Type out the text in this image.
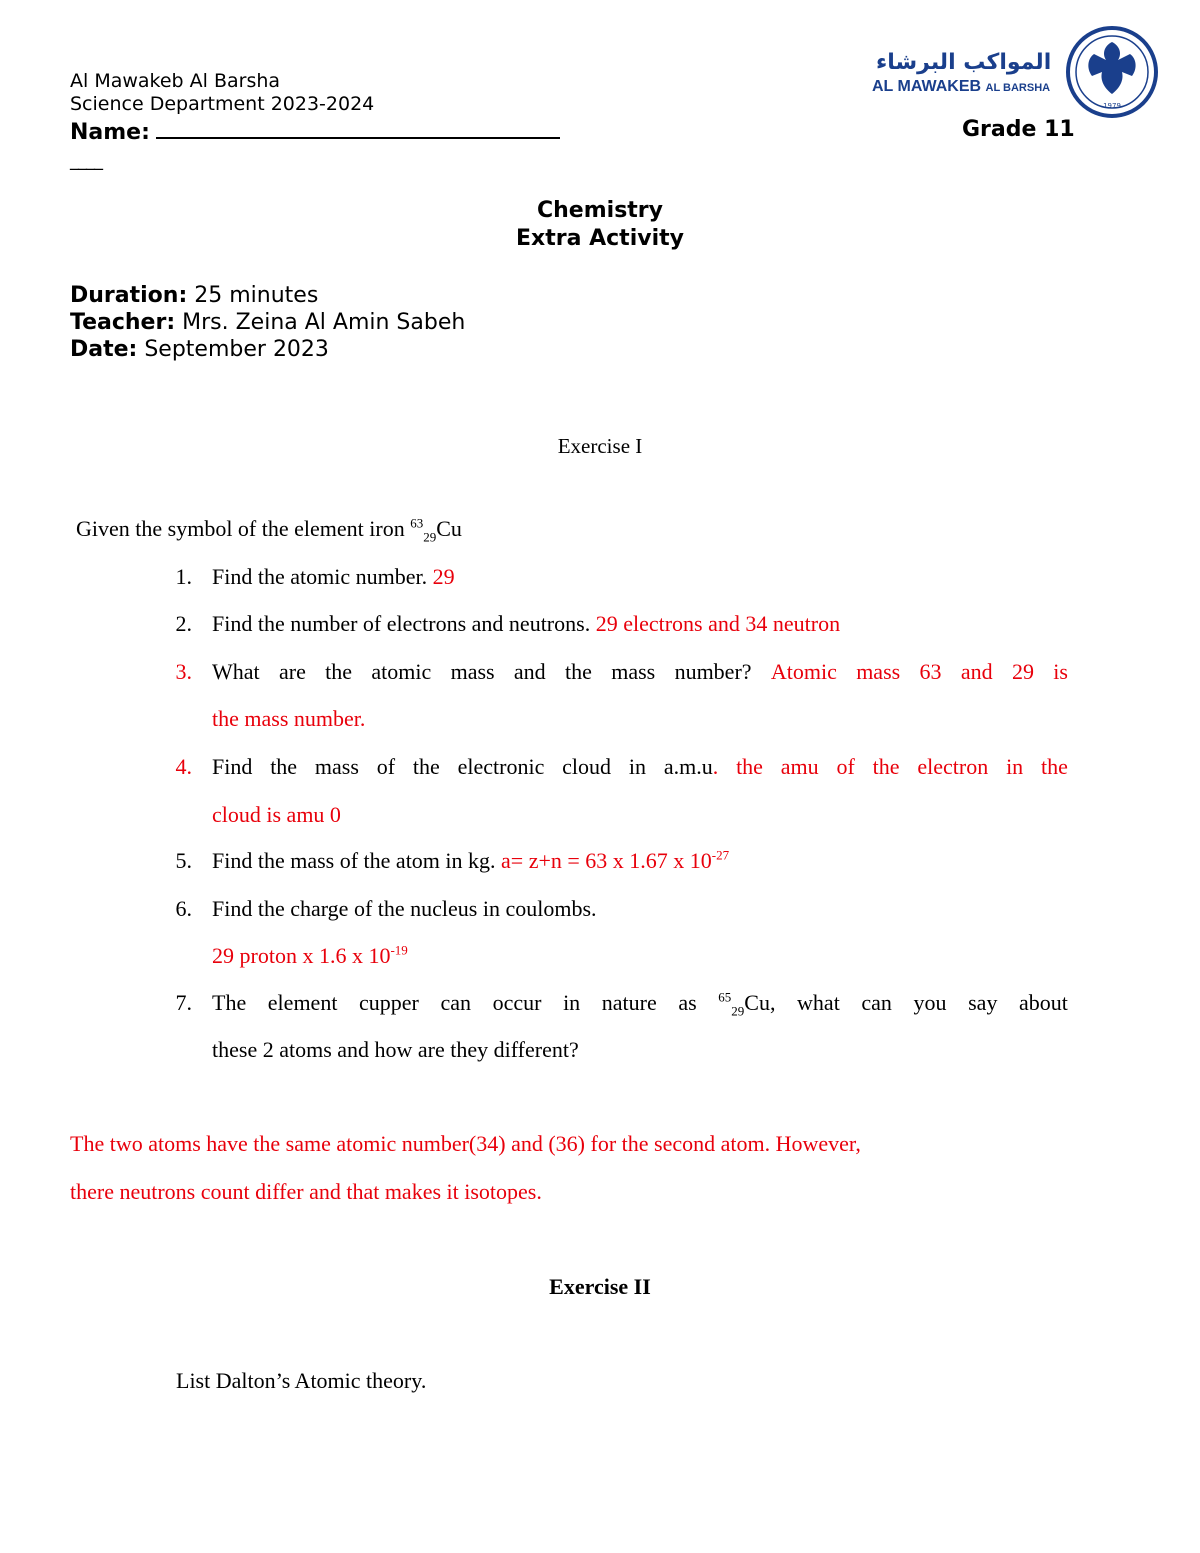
Al Mawakeb Al Barsha
Science Department 2023-2024
Name:	Grade 11
____
المواكب البرشاء
AL MAWAKEB AL BARSHA
1979
Chemistry
Extra Activity
Duration: 25 minutes
Teacher: Mrs. Zeina Al Amin Sabeh
Date: September 2023
Exercise I
Given the symbol of the element iron $^{63}_{29}$Cu
1. Find the atomic number. 29
2. Find the number of electrons and neutrons. 29 electrons and 34 neutron
3. What are the atomic mass and the mass number? Atomic mass 63 and 29 is
the mass number.
4. Find the mass of the electronic cloud in a.m.u. the amu of the electron in the
cloud is amu 0
5. Find the mass of the atom in kg. a= z+n = 63 x 1.67 x $10^{-27}$
6. Find the charge of the nucleus in coulombs.
29 proton x 1.6 x $10^{-19}$
7. The element cupper can occur in nature as $^{65}_{29}$Cu, what can you say about
these 2 atoms and how are they different?
The two atoms have the same atomic number(34) and (36) for the second atom. However,
there neutrons count differ and that makes it isotopes.
Exercise II
List Dalton’s Atomic theory.
